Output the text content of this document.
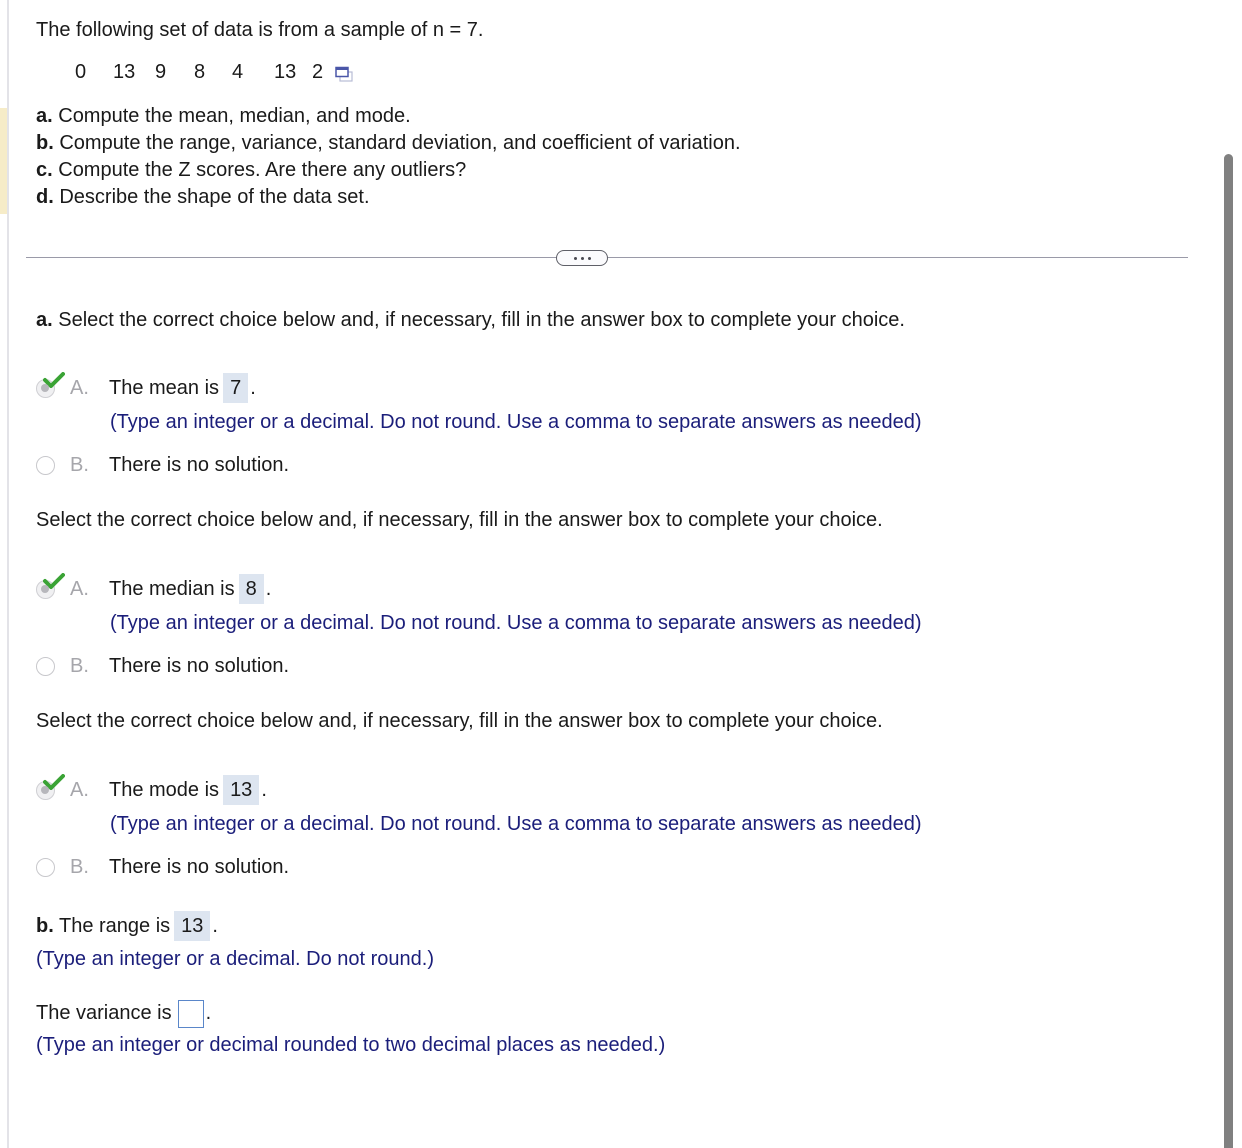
The following set of data is from a sample of n = 7.
0	13 9	8	4	13 2
a. Compute the mean, median, and mode.
b. Compute the range, variance, standard deviation, and coefficient of variation.
c. Compute the Z scores. Are there any outliers?
d. Describe the shape of the data set.
a. Select the correct choice below and, if necessary, fill in the answer box to complete your choice.
A.	The mean is 7 .
(Type an integer or a decimal. Do not round. Use a comma to separate answers as needed)
B.	There is no solution.
Select the correct choice below and, if necessary, fill in the answer box to complete your choice.
A.	The median is 8 .
(Type an integer or a decimal. Do not round. Use a comma to separate answers as needed)
B.	There is no solution.
Select the correct choice below and, if necessary, fill in the answer box to complete your choice.
A.	The mode is 13 .
(Type an integer or a decimal. Do not round. Use a comma to separate answers as needed)
B.	There is no solution.
b. The range is 13 .
(Type an integer or a decimal. Do not round.)
The variance is .
(Type an integer or decimal rounded to two decimal places as needed.)
